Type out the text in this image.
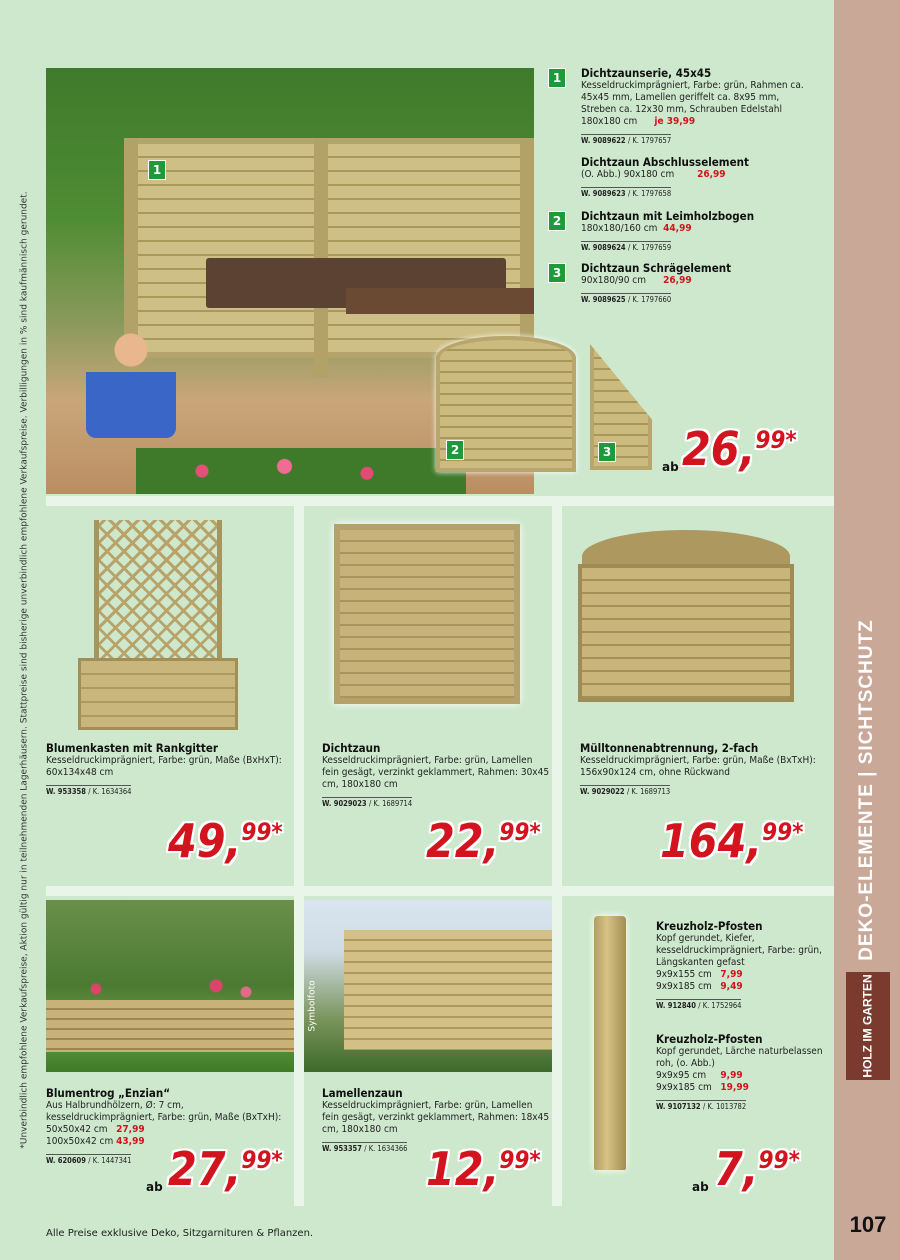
DEKO-ELEMENTE | SICHTSCHUTZ
HOLZ IM GARTEN
107
*Unverbindlich empfohlene Verkaufspreise, Aktion gültig nur in teilnehmenden Lagerhäusern. Stattpreise sind bisherige unverbindlich empfohlene Verkaufspreise. Verbilligungen in % sind kaufmännisch gerundet.
Alle Preise exklusive Deko, Sitzgarnituren & Pflanzen.
1
2	3
1	Dichtzaunserie, 45x45
Kesseldruckimprägniert, Farbe: grün, Rahmen ca. 45x45 mm, Lamellen geriffelt ca. 8x95 mm, Streben ca. 12x30 mm, Schrauben Edelstahl
180x180 cm je 39,99
W. 9089622 / K. 1797657
Dichtzaun Abschlusselement
(O. Abb.) 90x180 cm 26,99
W. 9089623 / K. 1797658
2	Dichtzaun mit Leimholzbogen
180x180/160 cm 44,99
W. 9089624 / K. 1797659
3	Dichtzaun Schrägelement
90x180/90 cm 26,99
W. 9089625 / K. 1797660
ab 26,99*
Blumenkasten mit Rankgitter
Kesseldruckimprägniert, Farbe: grün, Maße (BxHxT): 60x134x48 cm
W. 953358 / K. 1634364
49,99*
Dichtzaun
Kesseldruckimprägniert, Farbe: grün, Lamellen fein gesägt, verzinkt geklammert, Rahmen: 30x45 cm, 180x180 cm
W. 9029023 / K. 1689714
22,99*
Mülltonnenabtrennung, 2-fach
Kesseldruckimprägniert, Farbe: grün, Maße (BxTxH): 156x90x124 cm, ohne Rückwand
W. 9029022 / K. 1689713
164,99*
Blumentrog „Enzian“
Aus Halbrundhölzern, Ø: 7 cm, kesseldruckimprägniert, Farbe: grün, Maße (BxTxH):
50x50x42 cm 27,99
100x50x42 cm 43,99
W. 620609 / K. 1447341
ab 27,99*
Symbolfoto
Lamellenzaun
Kesseldruckimprägniert, Farbe: grün, Lamellen fein gesägt, verzinkt geklammert, Rahmen: 18x45 cm, 180x180 cm
W. 953357 / K. 1634366 12,99*
Kreuzholz-Pfosten
Kopf gerundet, Kiefer, kesseldruckimprägniert, Farbe: grün, Längskanten gefast
9x9x155 cm 7,99
9x9x185 cm 9,49
W. 912840 / K. 1752964
Kreuzholz-Pfosten
Kopf gerundet, Lärche naturbelassen roh, (o. Abb.)
9x9x95 cm 9,99
9x9x185 cm 19,99
W. 9107132 / K. 1013782
ab 7,99*
